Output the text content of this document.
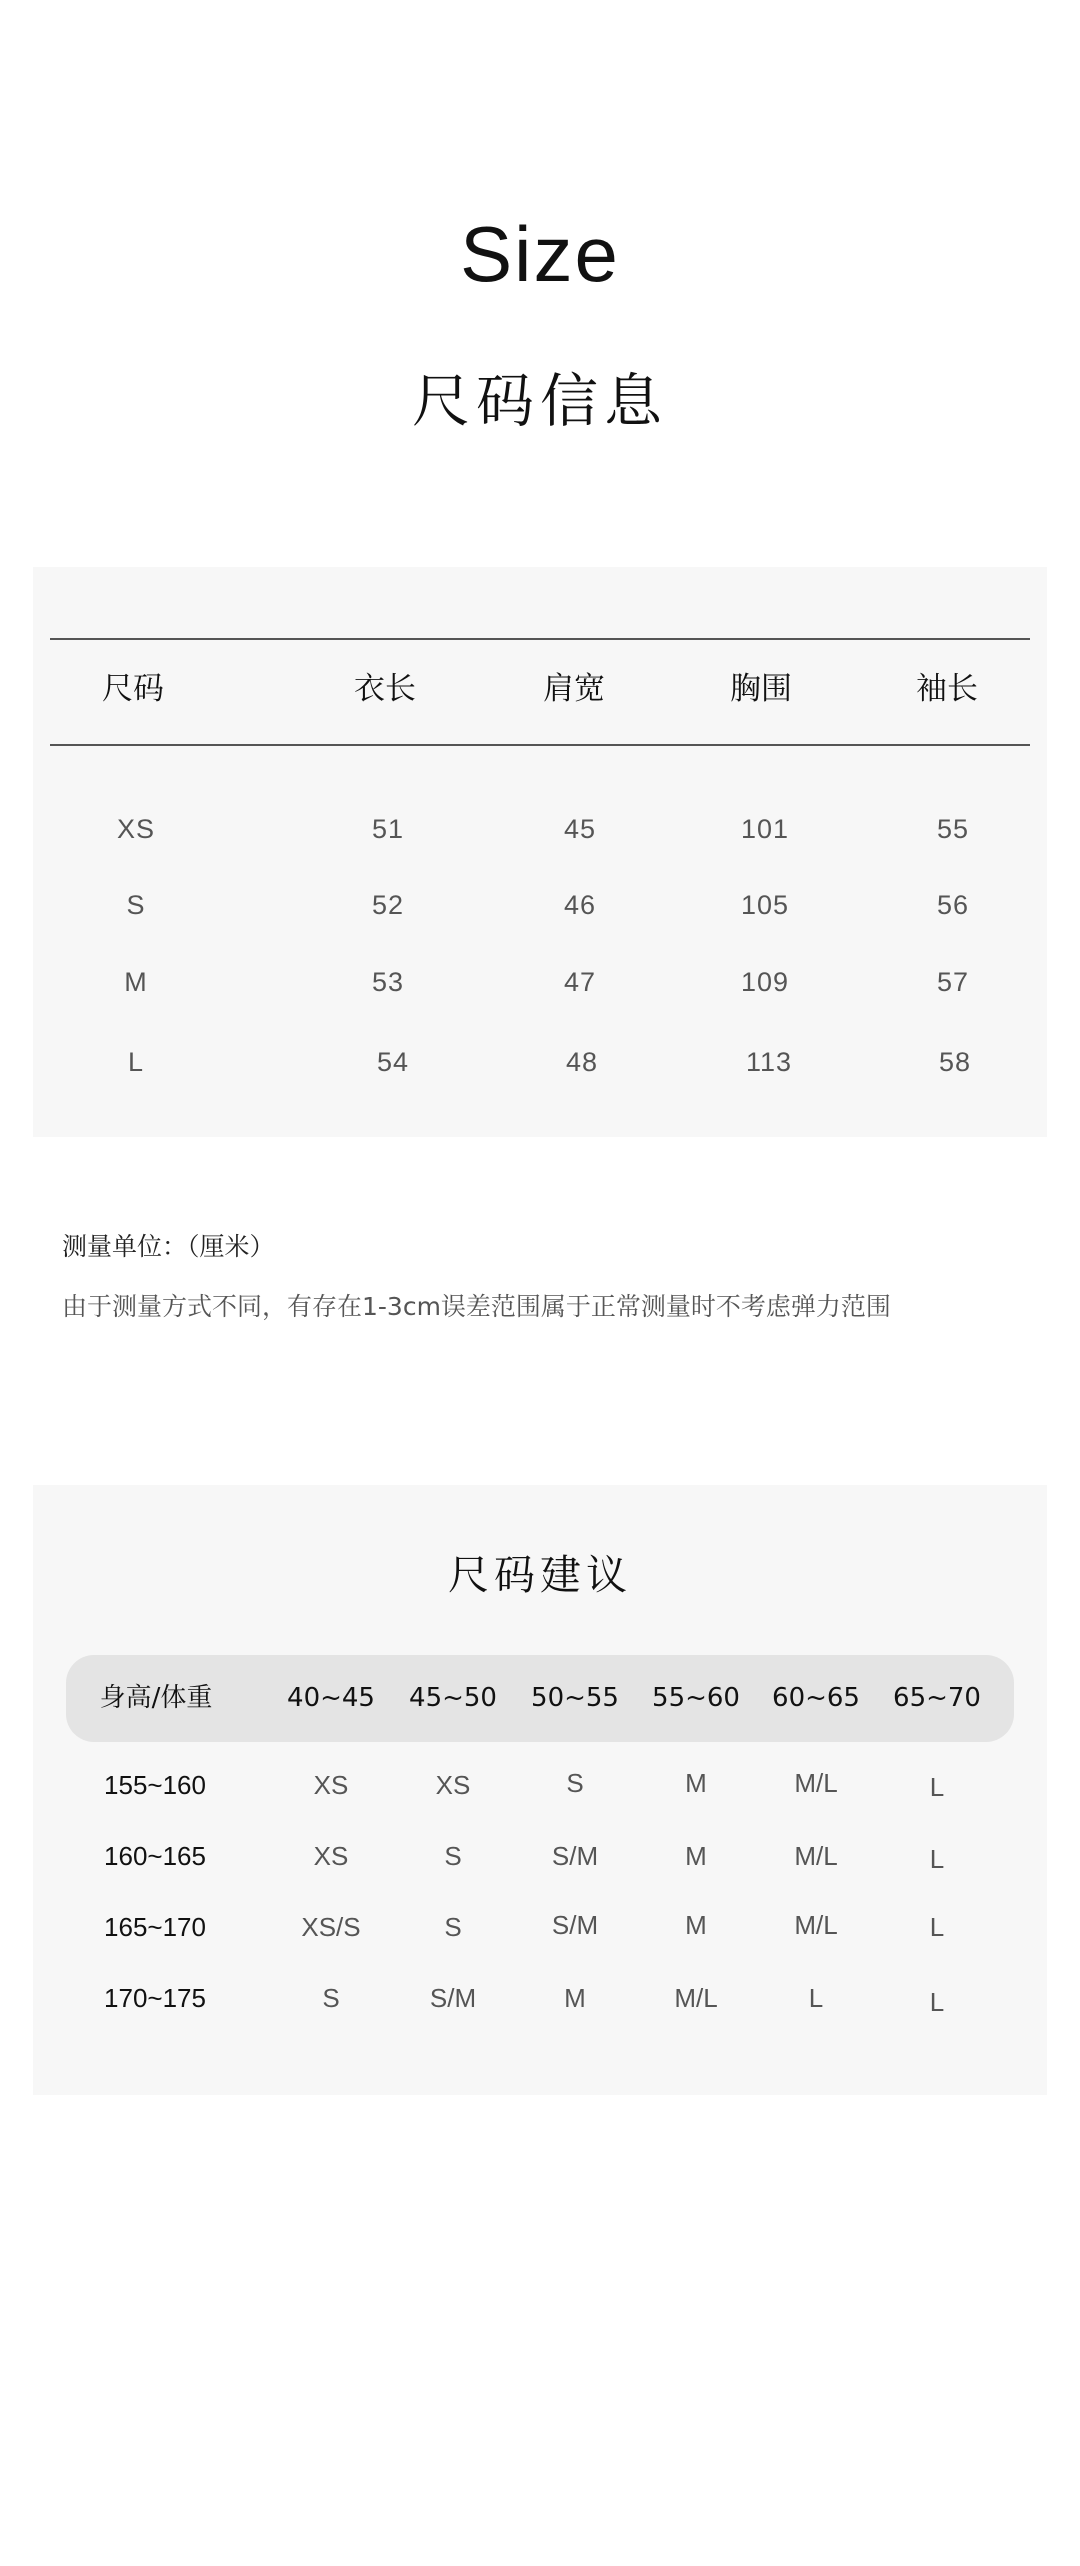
Size
尺码信息
尺码	衣长	肩宽	胸围	袖长
XS	51	45	101	55
S	52	46	105	56
M	53	47	109	57
L	54	48	113	58
测量单位：（厘米）
由于测量方式不同，有存在1-3cm误差范围属于正常测量时不考虑弹力范围
尺码建议
身高/体重	40~45 45~50 50~55 55~60 60~65 65~70
155~160	XS	XS	S	M	M/L	L
160~165	XS	S	S/M	M	M/L	L
165~170	XS/S	S	S/M	M	M/L	L
170~175	S	S/M	M	M/L	L	L
